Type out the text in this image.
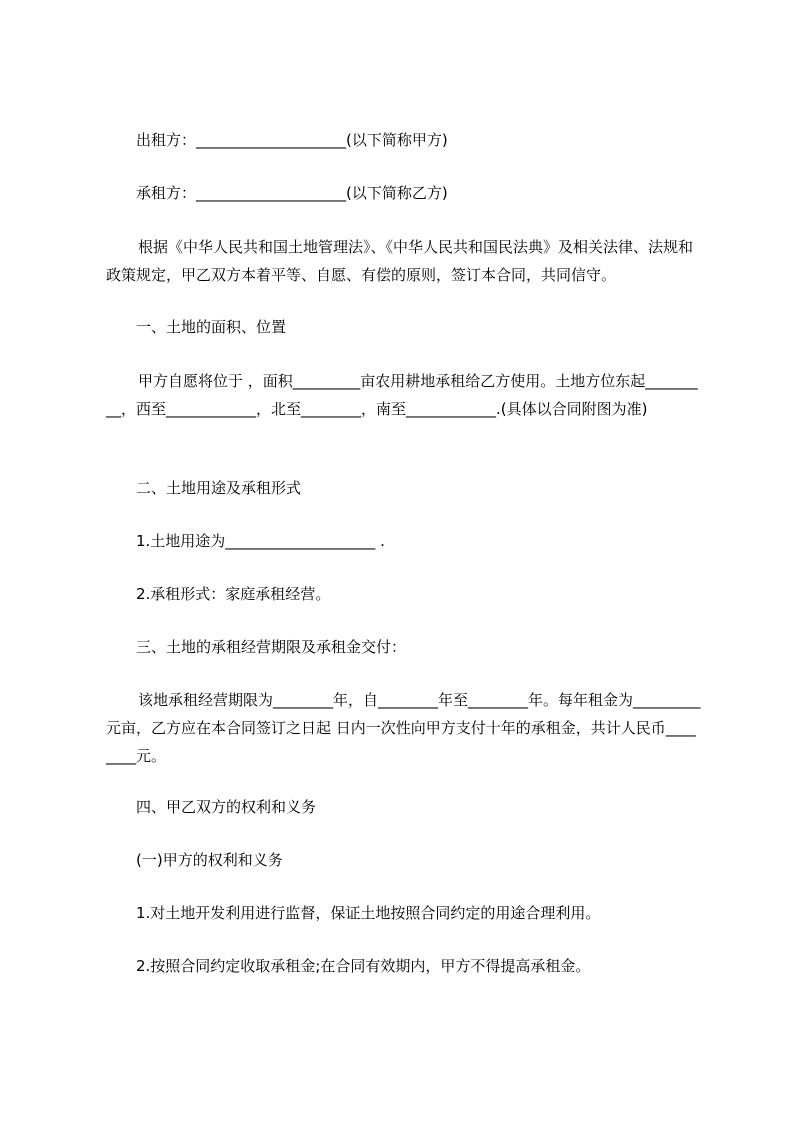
出租方：____________________(以下简称甲方)
承租方：____________________(以下简称乙方)
根据《中华人民共和国土地管理法》、《中华人民共和国民法典》及相关法律、法规和政策规定，甲乙双方本着平等、自愿、有偿的原则，签订本合同，共同信守。
一、土地的面积、位置
甲方自愿将位于 ，面积_________亩农用耕地承租给乙方使用。土地方位东起_________，西至____________，北至________，南至____________.(具体以合同附图为准)
二、土地用途及承租形式
1.土地用途为____________________ .
2.承租形式：家庭承租经营。
三、土地的承租经营期限及承租金交付：
该地承租经营期限为________年，自________年至________年。每年租金为_________元亩，乙方应在本合同签订之日起 日内一次性向甲方支付十年的承租金，共计人民币________元。
四、甲乙双方的权利和义务
(一)甲方的权利和义务
1.对土地开发利用进行监督，保证土地按照合同约定的用途合理利用。
2.按照合同约定收取承租金;在合同有效期内，甲方不得提高承租金。
